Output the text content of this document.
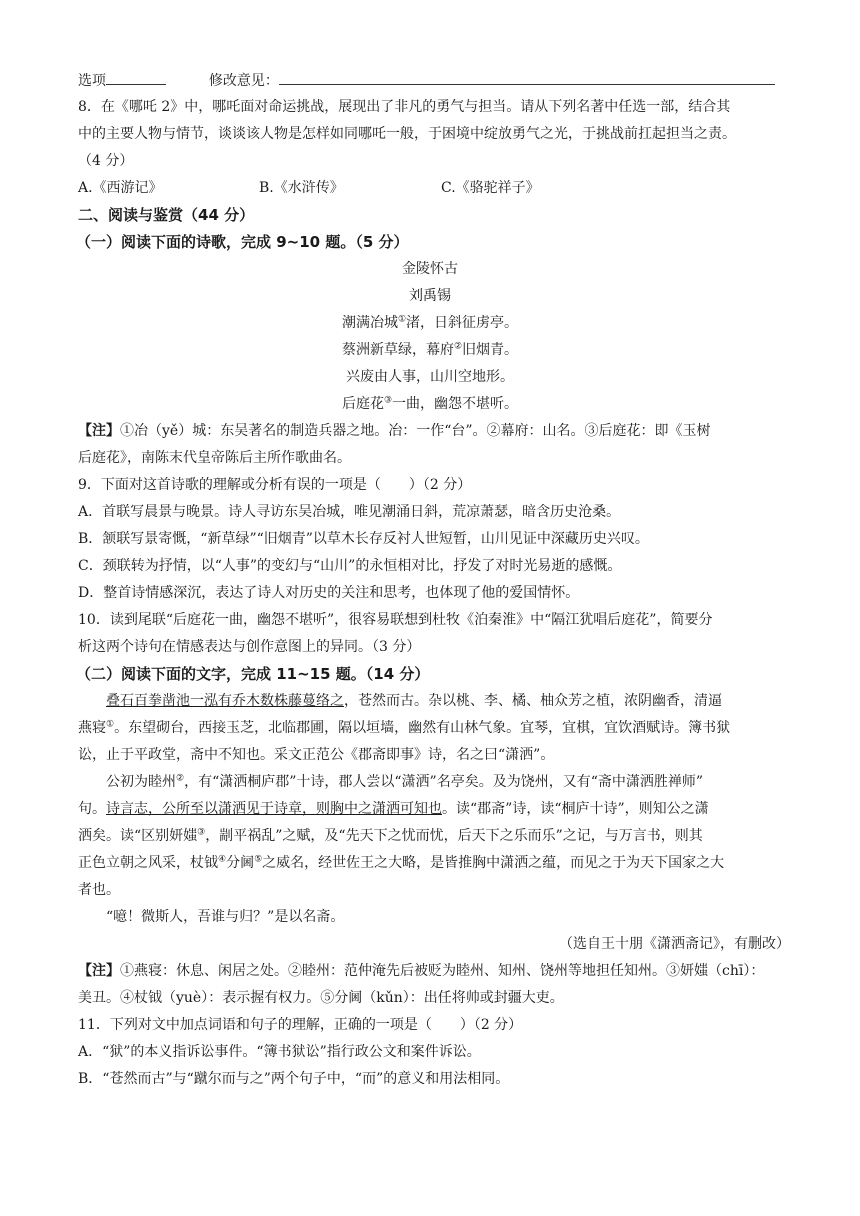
选项	修改意见：
8．在《哪吒 2》中，哪吒面对命运挑战，展现出了非凡的勇气与担当。请从下列名著中任选一部，结合其
中的主要人物与情节，谈谈该人物是怎样如同哪吒一般，于困境中绽放勇气之光，于挑战前扛起担当之责。
（4 分）
A.《西游记》	B.《水浒传》	C.《骆驼祥子》
二、阅读与鉴赏（44 分）
（一）阅读下面的诗歌，完成 9~10 题。（5 分）
金陵怀古
刘禹锡
潮满冶城①渚，日斜征虏亭。
蔡洲新草绿，幕府②旧烟青。
兴废由人事，山川空地形。
后庭花③一曲，幽怨不堪听。
【注】①冶（yě）城：东吴著名的制造兵器之地。冶：一作“台”。②幕府：山名。③后庭花：即《玉树
后庭花》，南陈末代皇帝陈后主所作歌曲名。
9．下面对这首诗歌的理解或分析有误的一项是（　　）（2 分）
A．首联写晨景与晚景。诗人寻访东吴冶城，唯见潮涌日斜，荒凉萧瑟，暗含历史沧桑。
B．颔联写景寄慨，“新草绿”“旧烟青”以草木长存反衬人世短暂，山川见证中深藏历史兴叹。
C．颈联转为抒情，以“人事”的变幻与“山川”的永恒相对比，抒发了对时光易逝的感慨。
D．整首诗情感深沉，表达了诗人对历史的关注和思考，也体现了他的爱国情怀。
10．读到尾联“后庭花一曲，幽怨不堪听”，很容易联想到杜牧《泊秦淮》中“隔江犹唱后庭花”，简要分
析这两个诗句在情感表达与创作意图上的异同。（3 分）
（二）阅读下面的文字，完成 11~15 题。（14 分）
叠石百拳凿池一泓有乔木数株藤蔓络之，苍然而古。杂以桃、李、橘、柚众芳之植，浓阴幽香，清逼
燕寝①。东望砌台，西接玉芝，北临郡圃，隔以垣墙，幽然有山林气象。宜琴，宜棋，宜饮酒赋诗。簿书狱
讼，止于平政堂，斋中不知也。采文正范公《郡斋即事》诗，名之曰“潇洒”。
公初为睦州②，有“潇洒桐庐郡”十诗，郡人尝以“潇洒”名亭矣。及为饶州，又有“斋中潇洒胜禅师”
句。诗言志，公所至以潇洒见于诗章，则胸中之潇洒可知也。读“郡斋”诗，读“桐庐十诗”，则知公之潇
洒矣。读“区别妍媸③，剬平祸乱”之赋，及“先天下之忧而忧，后天下之乐而乐”之记，与万言书，则其
正色立朝之风采，杖钺④分阃⑤之威名，经世佐王之大略，是皆推胸中潇洒之蕴，而见之于为天下国家之大
者也。
“噫！微斯人，吾谁与归？”是以名斋。
（选自王十朋《潇洒斋记》，有删改）
【注】①燕寝：休息、闲居之处。②睦州：范仲淹先后被贬为睦州、知州、饶州等地担任知州。③妍媸（chī）：
美丑。④杖钺（yuè）：表示握有权力。⑤分阃（kǔn）：出任将帅或封疆大吏。
11．下列对文中加点词语和句子的理解，正确的一项是（　　）（2 分）
A．“狱”的本义指诉讼事件。“簿书狱讼”指行政公文和案件诉讼。
B．“苍然而古”与“蹴尔而与之”两个句子中，“而”的意义和用法相同。
